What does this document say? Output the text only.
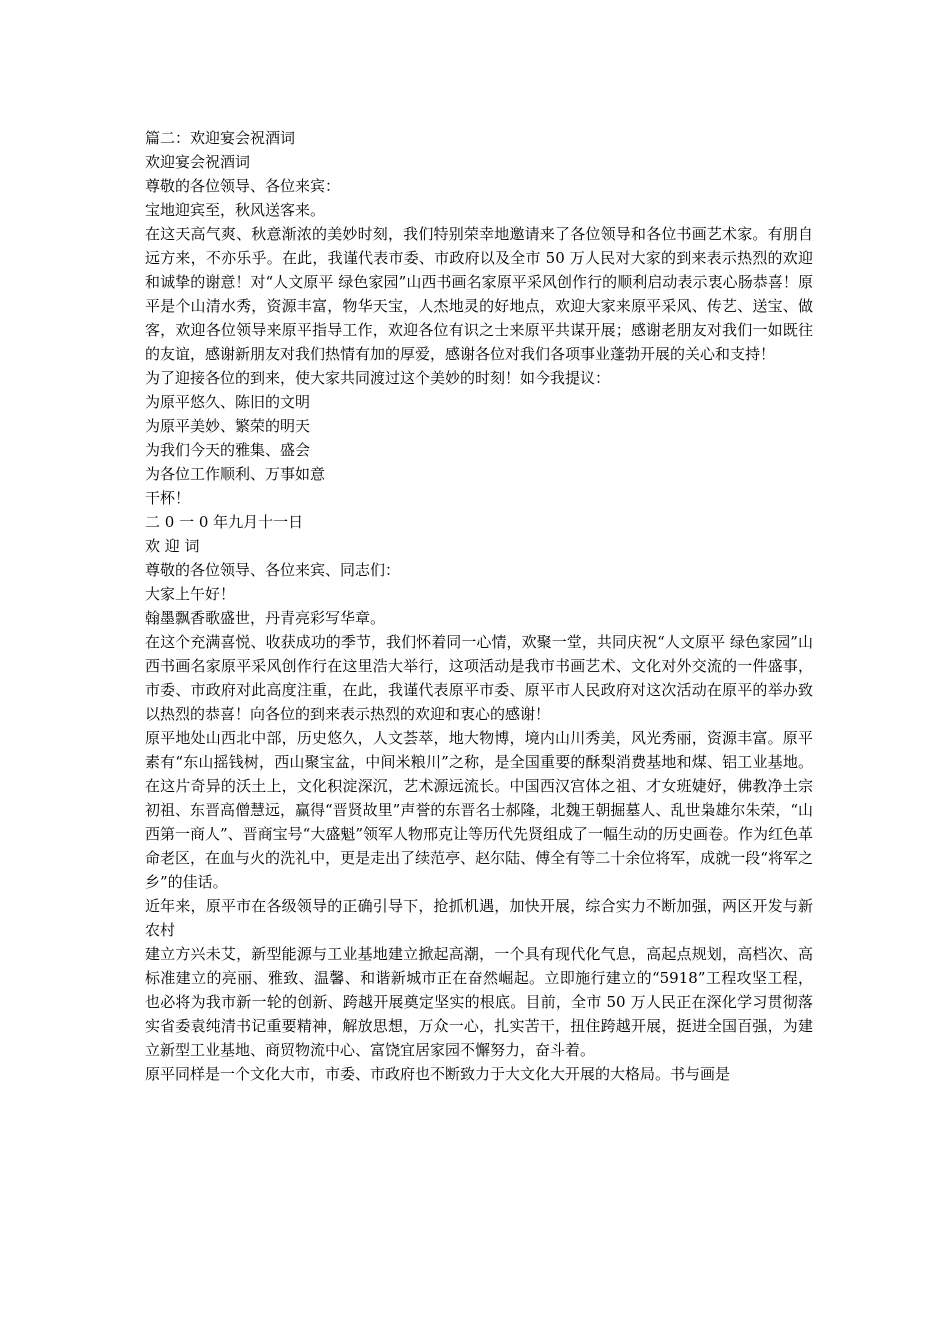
篇二：欢迎宴会祝酒词

欢迎宴会祝酒词

尊敬的各位领导、各位来宾：

宝地迎宾至，秋风送客来。

在这天高气爽、秋意渐浓的美妙时刻，我们特别荣幸地邀请来了各位领导和各位书画艺术家。有朋自远方来，不亦乐乎。在此，我谨代表市委、市政府以及全市 50 万人民对大家的到来表示热烈的欢迎和诚挚的谢意！对“人文原平 绿色家园”山西书画名家原平采风创作行的顺利启动表示衷心肠恭喜！原平是个山清水秀，资源丰富，物华天宝，人杰地灵的好地点，欢迎大家来原平采风、传艺、送宝、做客，欢迎各位领导来原平指导工作，欢迎各位有识之士来原平共谋开展；感谢老朋友对我们一如既往的友谊，感谢新朋友对我们热情有加的厚爱，感谢各位对我们各项事业蓬勃开展的关心和支持！

为了迎接各位的到来，使大家共同渡过这个美妙的时刻！如今我提议：

为原平悠久、陈旧的文明

为原平美妙、繁荣的明天

为我们今天的雅集、盛会

为各位工作顺利、万事如意

干杯！

二 0 一 0 年九月十一日

欢 迎 词

尊敬的各位领导、各位来宾、同志们：

大家上午好！

翰墨飘香歌盛世，丹青亮彩写华章。

在这个充满喜悦、收获成功的季节，我们怀着同一心情，欢聚一堂，共同庆祝“人文原平 绿色家园”山西书画名家原平采风创作行在这里浩大举行，这项活动是我市书画艺术、文化对外交流的一件盛事，市委、市政府对此高度注重，在此，我谨代表原平市委、原平市人民政府对这次活动在原平的举办致以热烈的恭喜！向各位的到来表示热烈的欢迎和衷心的感谢！

原平地处山西北中部，历史悠久，人文荟萃，地大物博，境内山川秀美，风光秀丽，资源丰富。原平素有“东山摇钱树，西山聚宝盆，中间米粮川”之称，是全国重要的酥梨消费基地和煤、铝工业基地。在这片奇异的沃土上，文化积淀深沉，艺术源远流长。中国西汉宫体之祖、才女班婕妤，佛教净土宗初祖、东晋高僧慧远，赢得“晋贤故里”声誉的东晋名士郝隆，北魏王朝掘墓人、乱世枭雄尔朱荣，“山西第一商人”、晋商宝号“大盛魁”领军人物邢克让等历代先贤组成了一幅生动的历史画卷。作为红色革命老区，在血与火的洗礼中，更是走出了续范亭、赵尔陆、傅全有等二十余位将军，成就一段“将军之乡”的佳话。

近年来，原平市在各级领导的正确引导下，抢抓机遇，加快开展，综合实力不断加强，两区开发与新农村

建立方兴未艾，新型能源与工业基地建立掀起高潮，一个具有现代化气息，高起点规划，高档次、高标准建立的亮丽、雅致、温馨、和谐新城市正在奋然崛起。立即施行建立的“5918”工程攻坚工程，也必将为我市新一轮的创新、跨越开展奠定坚实的根底。目前，全市 50 万人民正在深化学习贯彻落实省委袁纯清书记重要精神，解放思想，万众一心，扎实苦干，扭住跨越开展，挺进全国百强，为建立新型工业基地、商贸物流中心、富饶宜居家园不懈努力，奋斗着。

原平同样是一个文化大市，市委、市政府也不断致力于大文化大开展的大格局。书与画是
